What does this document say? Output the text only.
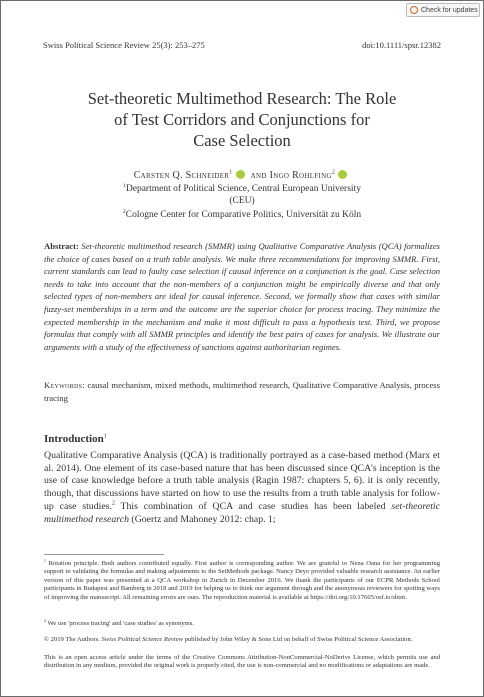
Check for updates
Swiss Political Science Review 25(3): 253–275	doi:10.1111/spsr.12382
Set-theoretic Multimethod Research: The Role
of Test Corridors and Conjunctions for
Case Selection
Carsten Q. Schneider$^1$ and Ingo Rohlfing$^2$
$^1$Department of Political Science, Central European University
(CEU)
$^2$Cologne Center for Comparative Politics, Universität zu Köln

Abstract: Set-theoretic multimethod research (SMMR) using Qualitative Comparative Analysis (QCA) formalizes the choice of cases based on a truth table analysis. We make three recommendations for improving SMMR. First, current standards can lead to faulty case selection if causal inference on a conjunction is the goal. Case selection needs to take into account that the non-members of a conjunction might be empirically diverse and that only selected types of non-members are ideal for causal inference. Second, we formally show that cases with similar fuzzy-set memberships in a term and the outcome are the superior choice for process tracing. They minimize the expected membership in the mechanism and make it most difficult to pass a hypothesis test. Third, we propose formulas that comply with all SMMR principles and identify the best pairs of cases for analysis. We illustrate our arguments with a study of the effectiveness of sanctions against authoritarian regimes.

Keywords: causal mechanism, mixed methods, multimethod research, Qualitative Comparative Analysis, process tracing

Introduction$^1$

Qualitative Comparative Analysis (QCA) is traditionally portrayed as a case-based method (Marx et al. 2014). One element of its case-based nature that has been discussed since QCA's inception is the use of case knowledge before a truth table analysis (Ragin 1987: chapters 5, 6). it is only recently, though, that discussions have started on how to use the results from a truth table analysis for follow-up case studies.$^2$ This combination of QCA and case studies has been labeled set-theoretic multimethod research (Goertz and Mahoney 2012: chap. 1;

$^1$ Rotation principle. Both authors contributed equally. First author is corresponding author. We are grateful to Nena Oana for her programming support in validating the formulas and making adjustments to the SetMethods package. Nancy Deyo provided valuable research assistance. An earlier version of this paper was presented at a QCA workshop in Zurich in December 2016. We thank the participants of our ECPR Methods School participants in Budapest and Bamberg in 2018 and 2019 for helping us to think our argument through and the anonymous reviewers for spotting ways of improving the manuscript. All remaining errors are ours. The reproduction material is available at https://doi.org/10.17605/osf.io/sbtnt.

$^2$ We use 'process tracing' and 'case studies' as synonyms.

© 2019 The Authors. Swiss Political Science Review published by John Wiley & Sons Ltd on behalf of Swiss Political Science Association.

This is an open access article under the terms of the Creative Commons Attribution-NonCommercial-NoDerivs License, which permits use and distribution in any medium, provided the original work is properly cited, the use is non-commercial and no modifications or adaptations are made.
